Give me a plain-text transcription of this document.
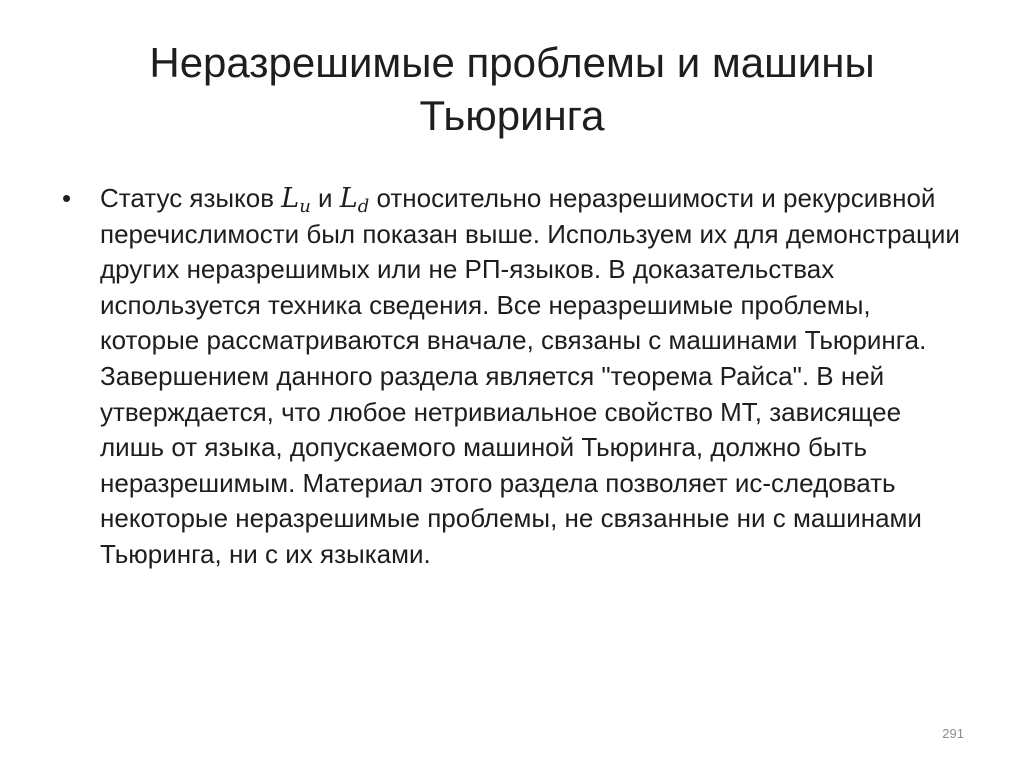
Неразрешимые проблемы и машины Тьюринга
• Статус языков $L_u$ и $L_d$ относительно неразрешимости и рекурсивной перечислимости был показан выше. Используем их для демонстрации других неразрешимых или не РП-языков. В доказательствах используется техника сведения. Все неразрешимые проблемы, которые рассматриваются вначале, связаны с машинами Тьюринга. Завершением данного раздела является "теорема Райса". В ней утверждается, что любое нетривиальное свойство МТ, зависящее лишь от языка, допускаемого машиной Тьюринга, должно быть неразрешимым. Материал этого раздела позволяет ис-следовать некоторые неразрешимые проблемы, не связанные ни с машинами Тьюринга, ни с их языками.
291
